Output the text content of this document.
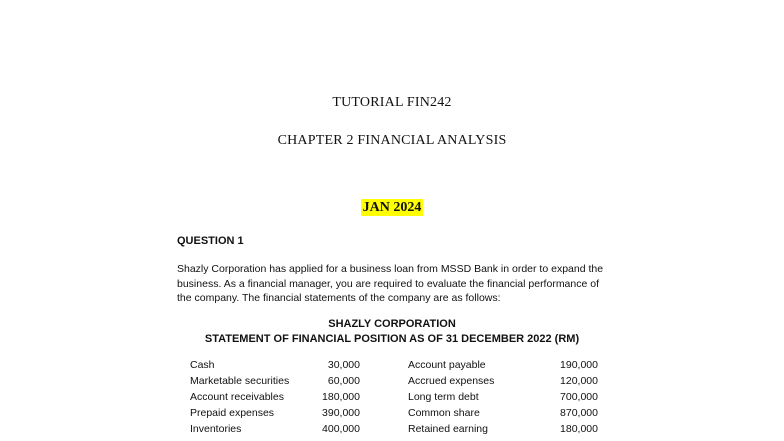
TUTORIAL FIN242
CHAPTER 2 FINANCIAL ANALYSIS
JAN 2024
QUESTION 1
Shazly Corporation has applied for a business loan from MSSD Bank in order to expand the
business. As a financial manager, you are required to evaluate the financial performance of
the company. The financial statements of the company are as follows:
SHAZLY CORPORATION
STATEMENT OF FINANCIAL POSITION AS OF 31 DECEMBER 2022 (RM)
Cash	30,000	Account payable	190,000
Marketable securities	60,000	Accrued expenses	120,000
Account receivables	180,000	Long term debt	700,000
Prepaid expenses	390,000	Common share	870,000
Inventories	400,000	Retained earning	180,000
